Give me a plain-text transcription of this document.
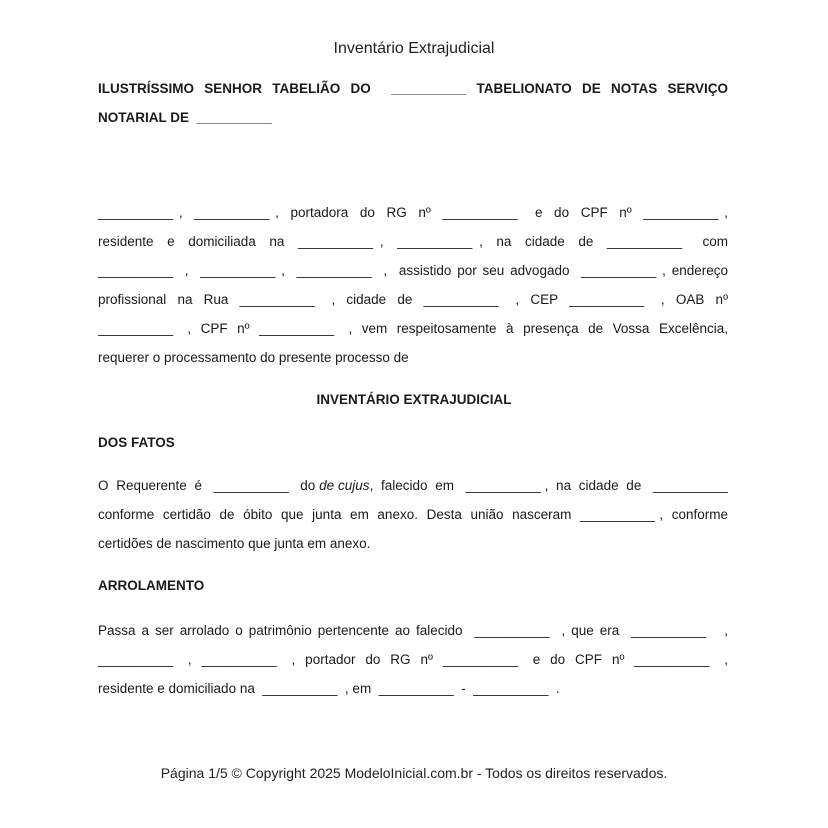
Inventário Extrajudicial
ILUSTRÍSSIMO SENHOR TABELIÃO DO  __________ TABELIONATO DE NOTAS SERVIÇO
NOTARIAL DE  __________
__________ ,  __________ ,  portadora  do  RG  nº  __________   e  do  CPF  nº  __________ ,
residente  e  domiciliada  na  __________ ,  __________ ,  na  cidade  de  __________   com
__________  ,  __________ ,  __________  ,  assistido por seu advogado  __________ , endereço
profissional  na  Rua  __________   ,  cidade  de  __________   ,  CEP  __________   ,  OAB  nº
__________   ,  CPF  nº  __________   ,  vem  respeitosamente  à  presença  de  Vossa  Excelência,
requerer o processamento do presente processo de
INVENTÁRIO EXTRAJUDICIAL
DOS FATOS
O  Requerente  é   __________   do de cujus,  falecido  em   __________ ,  na  cidade  de   __________
conforme  certidão  de  óbito  que  junta  em  anexo.  Desta  união  nasceram  __________ ,  conforme
certidões de nascimento que junta em anexo.
ARROLAMENTO
Passa a ser arrolado o patrimônio pertencente ao falecido  __________  , que era  __________   ,
__________   ,  __________   ,  portador  do  RG  nº  __________   e  do  CPF  nº  __________   ,
residente e domiciliado na  __________  , em  __________  -  __________  .
Página 1/5 © Copyright 2025 ModeloInicial.com.br - Todos os direitos reservados.
